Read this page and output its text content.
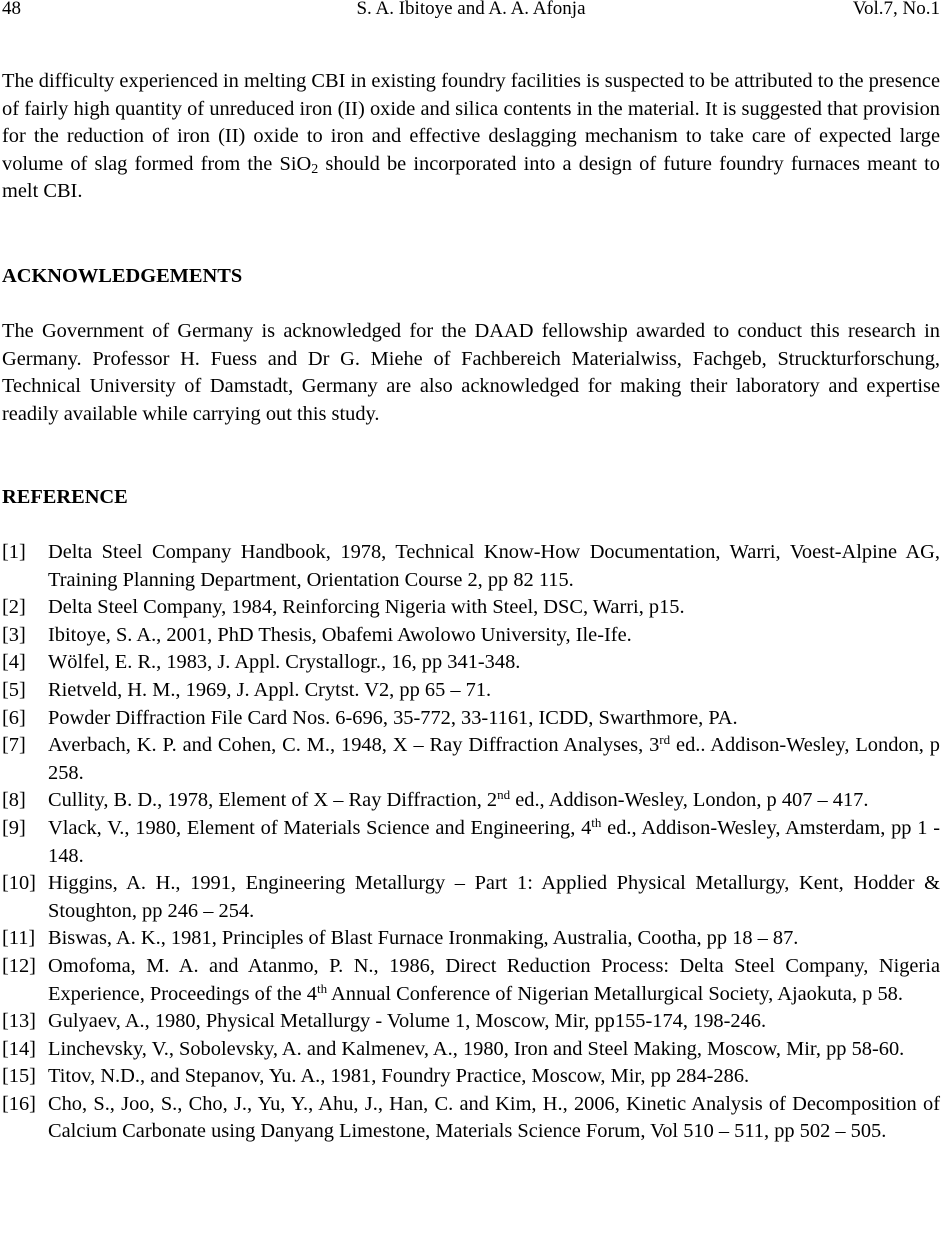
48	S. A. Ibitoye and A. A. Afonja	Vol.7, No.1

The difficulty experienced in melting CBI in existing foundry facilities is suspected to be attributed to the presence of fairly high quantity of unreduced iron (II) oxide and silica contents in the material. It is suggested that provision for the reduction of iron (II) oxide to iron and effective deslagging mechanism to take care of expected large volume of slag formed from the SiO$_2$ should be incorporated into a design of future foundry furnaces meant to melt CBI.

ACKNOWLEDGEMENTS

The Government of Germany is acknowledged for the DAAD fellowship awarded to conduct this research in Germany. Professor H. Fuess and Dr G. Miehe of Fachbereich Materialwiss, Fachgeb, Struckturforschung, Technical University of Damstadt, Germany are also acknowledged for making their laboratory and expertise readily available while carrying out this study.

REFERENCE
[1] Delta Steel Company Handbook, 1978, Technical Know-How Documentation, Warri, Voest-Alpine AG, Training Planning Department, Orientation Course 2, pp 82 115.
[2] Delta Steel Company, 1984, Reinforcing Nigeria with Steel, DSC, Warri, p15.
[3] Ibitoye, S. A., 2001, PhD Thesis, Obafemi Awolowo University, Ile-Ife.
[4] Wölfel, E. R., 1983, J. Appl. Crystallogr., 16, pp 341-348.
[5] Rietveld, H. M., 1969, J. Appl. Crytst. V2, pp 65 – 71.
[6] Powder Diffraction File Card Nos. 6-696, 35-772, 33-1161, ICDD, Swarthmore, PA.
[7] Averbach, K. P. and Cohen, C. M., 1948, X – Ray Diffraction Analyses, 3rd ed.. Addison-Wesley, London, p 258.
[8] Cullity, B. D., 1978, Element of X – Ray Diffraction, 2nd ed., Addison-Wesley, London, p 407 – 417.
[9] Vlack, V., 1980, Element of Materials Science and Engineering, 4th ed., Addison-Wesley, Amsterdam, pp 1 - 148.
[10] Higgins, A. H., 1991, Engineering Metallurgy – Part 1: Applied Physical Metallurgy, Kent, Hodder & Stoughton, pp 246 – 254.
[11] Biswas, A. K., 1981, Principles of Blast Furnace Ironmaking, Australia, Cootha, pp 18 – 87.
[12] Omofoma, M. A. and Atanmo, P. N., 1986, Direct Reduction Process: Delta Steel Company, Nigeria Experience, Proceedings of the 4th Annual Conference of Nigerian Metallurgical Society, Ajaokuta, p 58.
[13] Gulyaev, A., 1980, Physical Metallurgy - Volume 1, Moscow, Mir, pp155-174, 198-246.
[14] Linchevsky, V., Sobolevsky, A. and Kalmenev, A., 1980, Iron and Steel Making, Moscow, Mir, pp 58-60.
[15] Titov, N.D., and Stepanov, Yu. A., 1981, Foundry Practice, Moscow, Mir, pp 284-286.
[16] Cho, S., Joo, S., Cho, J., Yu, Y., Ahu, J., Han, C. and Kim, H., 2006, Kinetic Analysis of Decomposition of Calcium Carbonate using Danyang Limestone, Materials Science Forum, Vol 510 – 511, pp 502 – 505.
